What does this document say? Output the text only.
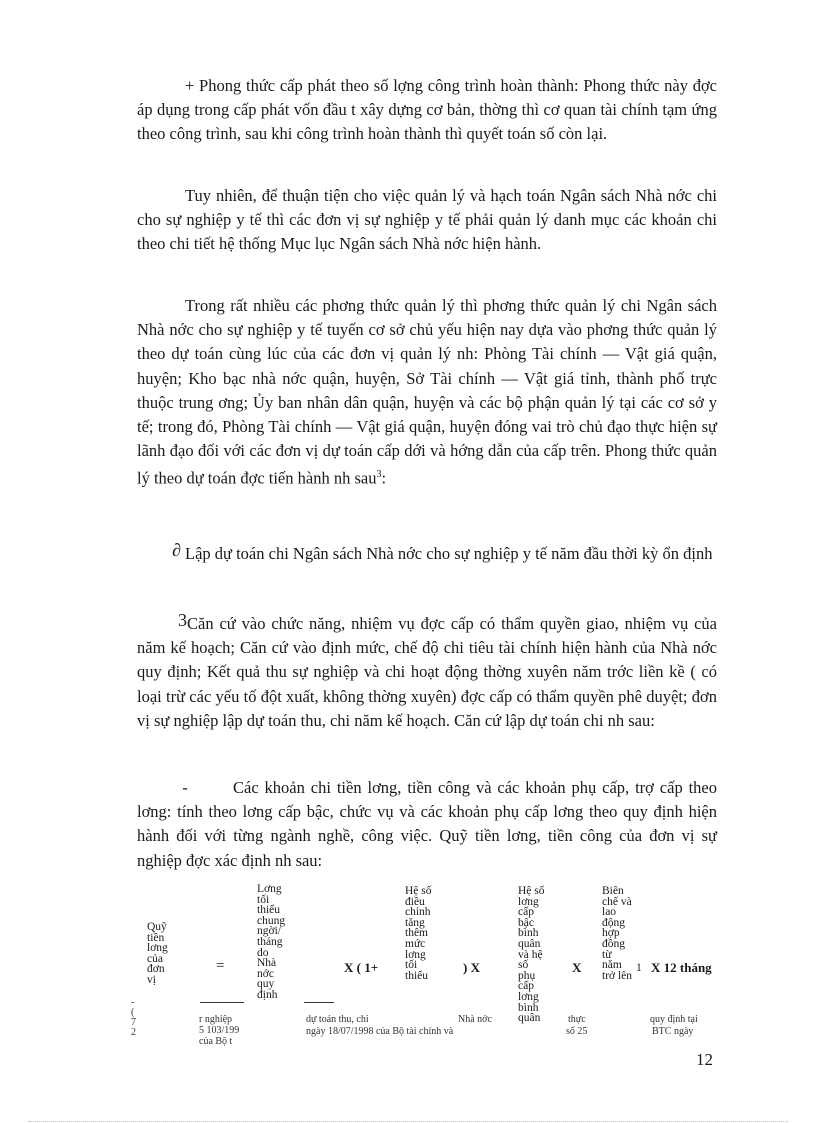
+ Phong thức cấp phát theo số lợng công trình hoàn thành: Phong thức này đợc áp dụng trong cấp phát vốn đầu t xây dựng cơ bản, thờng thì cơ quan tài chính tạm ứng theo công trình, sau khi công trình hoàn thành thì quyết toán số còn lại.

Tuy nhiên, để thuận tiện cho việc quản lý và hạch toán Ngân sách Nhà nớc chi cho sự nghiệp y tế thì các đơn vị sự nghiệp y tế phải quản lý danh mục các khoản chi theo chi tiết hệ thống Mục lục Ngân sách Nhà nớc hiện hành.

Trong rất nhiều các phơng thức quản lý thì phơng thức quản lý chi Ngân sách Nhà nớc cho sự nghiệp y tế tuyến cơ sở chủ yếu hiện nay dựa vào phơng thức quản lý theo dự toán cùng lúc của các đơn vị quản lý nh: Phòng Tài chính — Vật giá quận, huyện; Kho bạc nhà nớc quận, huyện, Sở Tài chính — Vật giá tỉnh, thành phố trực thuộc trung ơng; Ủy ban nhân dân quận, huyện và các bộ phận quản lý tại các cơ sở y tế; trong đó, Phòng Tài chính — Vật giá quận, huyện đóng vai trò chủ đạo thực hiện sự lãnh đạo đối với các đơn vị dự toán cấp dới và hớng dẫn của cấp trên. Phong thức quản lý theo dự toán đợc tiến hành nh sau$^3$:

∂ Lập dự toán chi Ngân sách Nhà nớc cho sự nghiệp y tế năm đầu thời kỳ ổn định

3Căn cứ vào chức năng, nhiệm vụ đợc cấp có thẩm quyền giao, nhiệm vụ của năm kế hoạch; Căn cứ vào định mức, chế độ chi tiêu tài chính hiện hành của Nhà nớc quy định; Kết quả thu sự nghiệp và chi hoạt động thờng xuyên năm trớc liền kề ( có loại trừ các yếu tố đột xuất, không thờng xuyên) đợc cấp có thẩm quyền phê duyệt; đơn vị sự nghiệp lập dự toán thu, chi năm kế hoạch. Căn cứ lập dự toán chi nh sau:

-	Các khoản chi tiền lơng, tiền công và các khoản phụ cấp, trợ cấp theo lơng: tính theo lơng cấp bậc, chức vụ và các khoản phụ cấp lơng theo quy định hiện hành đối với từng ngành nghề, công việc. Quỹ tiền lơng, tiền công của đơn vị sự nghiệp đợc xác định nh sau:

Quỹ
tiền
lơng
của
đơn
vị
=
Lơng
tối
thiểu
chung
ngời/
tháng
do
Nhà
nớc
quy
định
X ( 1+
Hệ số
điều
chỉnh
tăng
thêm
mức
lơng
tối
thiểu
) X
Hệ số
lơng
cấp
bậc
bình
quân
và hệ
số
phụ
cấp
lơng
bình
quân
X
Biên
chế và
lao
động
hợp
đồng
từ
năm
trở lên
1 X 12 tháng
-
(
7
2
r nghiệp
5 103/199
của Bộ t
dự toán thu, chi
ngày 18/07/1998 của Bộ tài chính và
Nhà nớc	thực
số 25
quy định tại
BTC ngày
12
